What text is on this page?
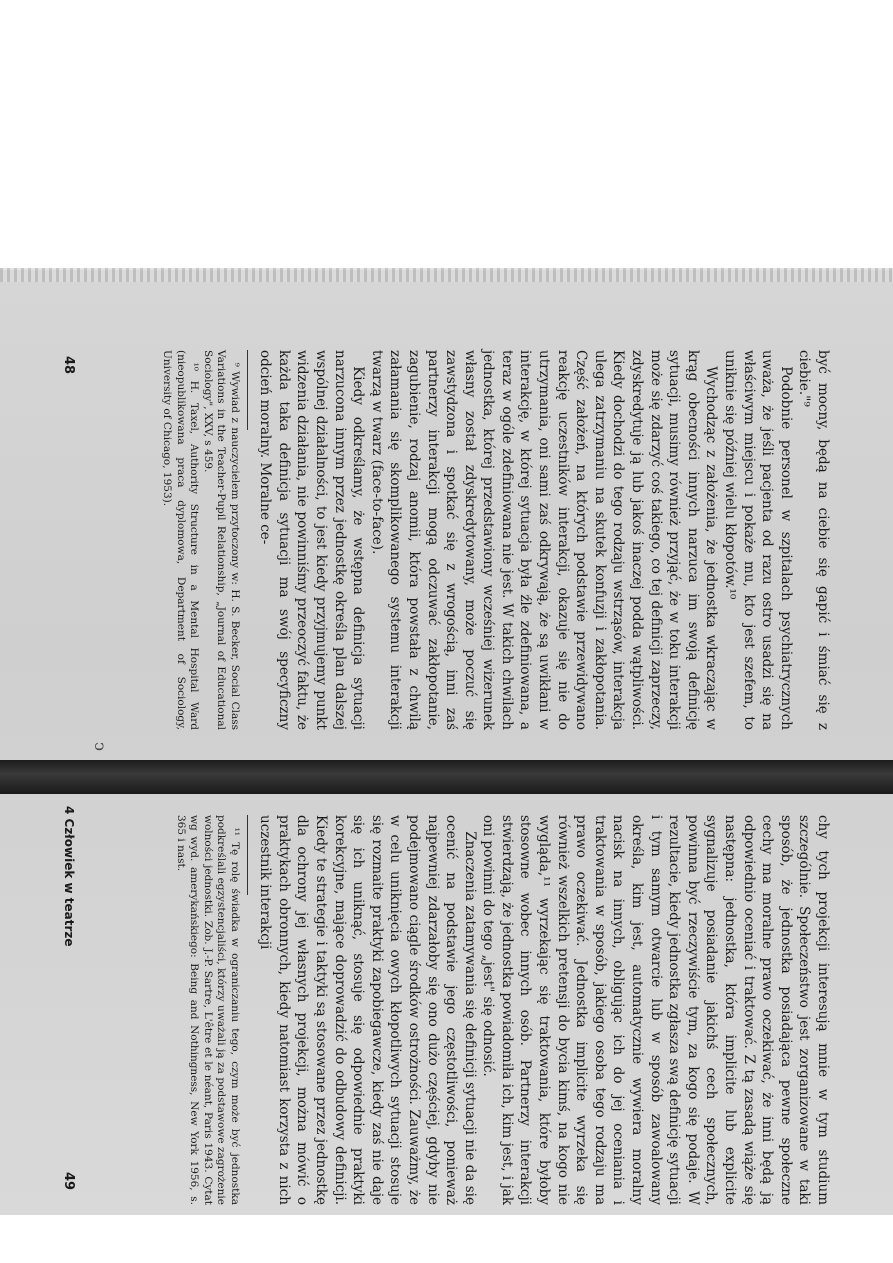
być mocny, będą na ciebie się gapić i śmiać się z ciebie."⁹

Podobnie personel w szpitalach psychiatrycznych uważa, że jeśli pacjenta od razu ostro usadzi się na właściwym miejscu i pokaże mu, kto jest szefem, to uniknie się później wielu kłopotów.¹⁰

Wychodząc z założenia, że jednostka wkraczając w krąg obecności innych narzuca im swoją definicję sytuacji, musimy również przyjąć, że w toku interakcji może się zdarzyć coś takiego, co tej definicji zaprzeczy, zdyskredytuje ją lub jakoś inaczej podda wątpliwości. Kiedy dochodzi do tego rodzaju wstrząsów, interakcja ulega zatrzymaniu na skutek konfuzji i zakłopotania. Część założeń, na których podstawie przewidywano reakcję uczestników interakcji, okazuje się nie do utrzymania, oni sami zaś odkrywają, że są uwikłani w interakcję, w której sytuacja była źle zdefiniowana, a teraz w ogóle zdefiniowana nie jest. W takich chwilach jednostka, której przedstawiony wcześniej wizerunek własny został zdyskredytowany, może poczuć się zawstydzona i spotkać się z wrogością, inni zaś partnerzy interakcji mogą odczuwać zakłopotanie, zagubienie, rodzaj anomii, która powstała z chwilą załamania się skomplikowanego systemu interakcji twarzą w twarz (face-to-face).

Kiedy odkreślamy, że wstępna definicja sytuacji narzucona innym przez jednostkę określa plan dalszej wspólnej działalności, to jest kiedy przyjmujemy punkt widzenia działania, nie powinniśmy przeoczyć faktu, że każda taka definicja sytuacji ma swój specyficzny odcień moralny. Moralne ce-

⁹ Wywiad z nauczycielem przytoczony w: H. S. Becker, Social Class Variations in the Teacher-Pupil Relationship, „Journal of Educational Sociology", XXV, s 459.

¹⁰ H. Taxel, Authority Structure in a Mental Hospital Ward (nieopublikowana praca dyplomowa, Department of Sociology, University of Chicago, 1953).

48
ↄ

chy tych projekcji interesują mnie w tym studium szczególnie. Społeczeństwo jest zorganizowane w taki sposób, że jednostka posiadająca pewne społeczne cechy ma moralne prawo oczekiwać, że inni będą ją odpowiednio oceniać i traktować. Z tą zasadą wiąże się następna: jednostka, która implicite lub explicite sygnalizuje posiadanie jakichś cech społecznych, powinna być rzeczywiście tym, za kogo się podaje. W rezultacie, kiedy jednostka zgłasza swą definicję sytuacji i tym samym otwarcie lub w sposób zawoalowany określa, kim jest, automatycznie wywiera moralny nacisk na innych, obligując ich do jej oceniania i traktowania w sposób, jakiego osoba tego rodzaju ma prawo oczekiwać. Jednostka implicite wyrzeka się również wszelkich pretensji do bycia kimś, na kogo nie wygląda,¹¹ wyrzekając się traktowania, które byłoby stosowne wobec innych osób. Partnerzy interakcji stwierdzają, że jednostka powiadomiła ich, kim jest, i jak oni powinni do tego „jest" się odnosić.

Znaczenia zatamywania się definicji sytuacji nie da się ocenić na podstawie jego częstotliwości, ponieważ najpewniej zdarzałoby się ono dużo częściej, gdyby nie podejmowano ciągle środków ostrożności. Zauważmy, że w celu uniknięcia owych kłopotliwych sytuacji stosuje się rozmaite praktyki zapobiegawcze, kiedy zaś nie daje się ich uniknąć, stosuje się odpowiednie praktyki korekcyjne, mające doprowadzić do odbudowy definicji. Kiedy te strategie i taktyki są stosowane przez jednostkę dla ochrony jej własnych projekcji, można mówić o praktykach obronnych, kiedy natomiast korzysta z nich uczestnik interakcji

¹¹ Tę rolę świadka w ograniczaniu tego, czym może być jednostka podkreślali egzystencjaliści, którzy uważali ją za podstawowe zagrożenie wolności jednostki. Zob. J.-P. Sartre, L'être et le néant, Paris 1943. Cytat wg wyd. amerykańskiego: Being and Nothingness, New York 1956, s. 365 i nast.

4 Człowiek w teatrze
49
